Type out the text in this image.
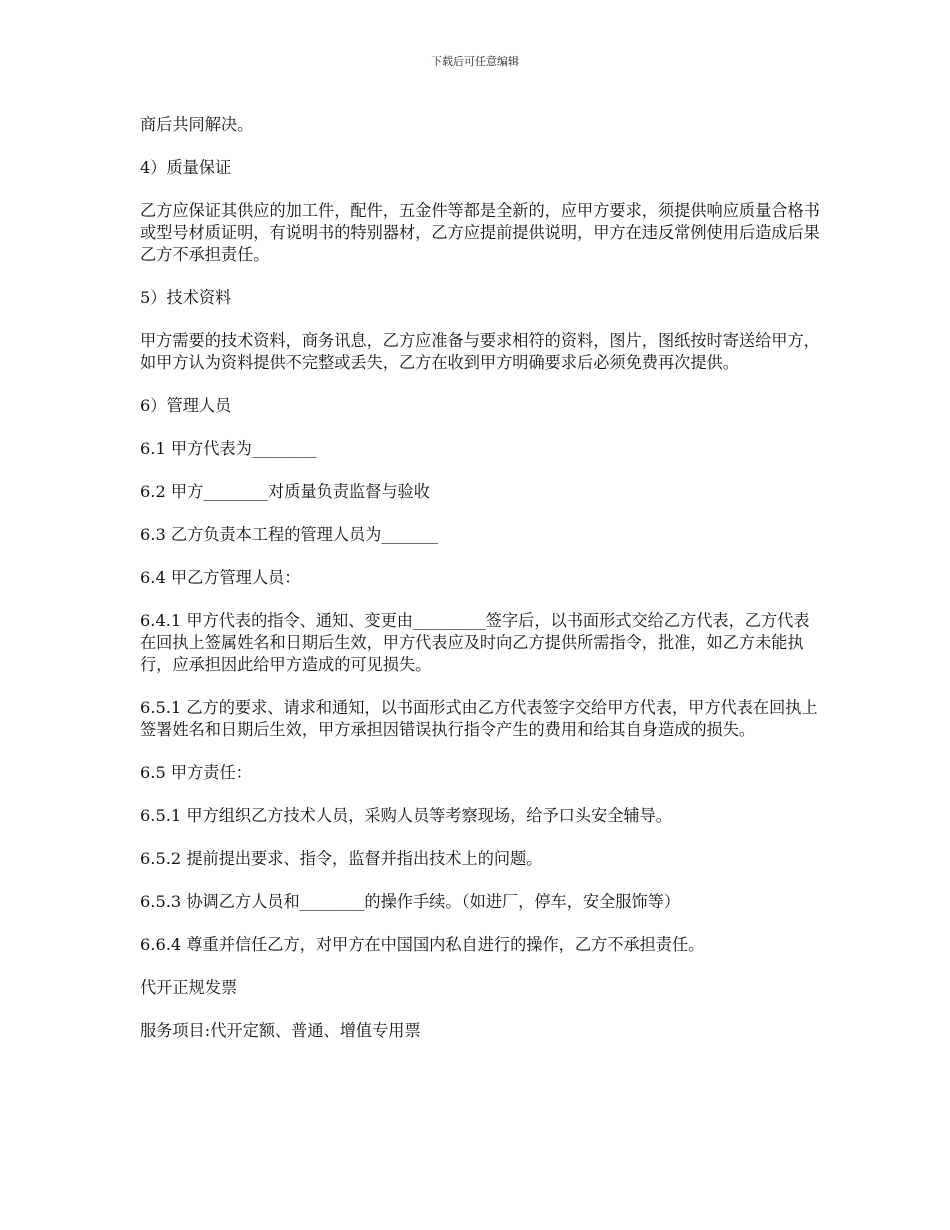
下载后可任意编辑

商后共同解决。

4）质量保证

乙方应保证其供应的加工件，配件，五金件等都是全新的，应甲方要求，须提供响应质量合格书或型号材质证明，有说明书的特别器材，乙方应提前提供说明，甲方在违反常例使用后造成后果乙方不承担责任。

5）技术资料

甲方需要的技术资料，商务讯息，乙方应准备与要求相符的资料，图片，图纸按时寄送给甲方，如甲方认为资料提供不完整或丢失，乙方在收到甲方明确要求后必须免费再次提供。

6）管理人员

6.1 甲方代表为________

6.2 甲方________对质量负责监督与验收

6.3 乙方负责本工程的管理人员为_______

6.4 甲乙方管理人员：

6.4.1 甲方代表的指令、通知、变更由_________签字后，以书面形式交给乙方代表，乙方代表在回执上签属姓名和日期后生效，甲方代表应及时向乙方提供所需指令，批准，如乙方未能执行，应承担因此给甲方造成的可见损失。

6.5.1 乙方的要求、请求和通知，以书面形式由乙方代表签字交给甲方代表，甲方代表在回执上签署姓名和日期后生效，甲方承担因错误执行指令产生的费用和给其自身造成的损失。

6.5 甲方责任：

6.5.1 甲方组织乙方技术人员，采购人员等考察现场，给予口头安全辅导。

6.5.2 提前提出要求、指令，监督并指出技术上的问题。

6.5.3 协调乙方人员和________的操作手续。（如进厂，停车，安全服饰等）

6.6.4 尊重并信任乙方，对甲方在中国国内私自进行的操作，乙方不承担责任。

代开正规发票

服务项目:代开定额、普通、增值专用票
